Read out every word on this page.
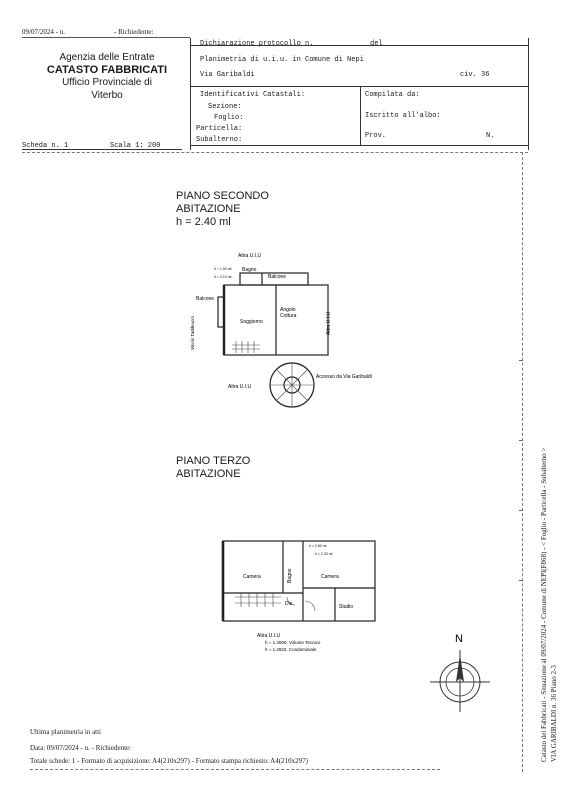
09/07/2024 - n.	- Richiedente:
Agenzia delle Entrate
CATASTO FABBRICATI
Ufficio Provinciale di
Viterbo
Dichiarazione protocollo n.	del
Planimetria di u.i.u. in Comune di Nepi
Via Garibaldi	civ. 36
Identificativi Catastali:
Sezione:
Foglio:
Particella:
Subalterno:
Compilata da:
Iscritto all'albo:
Prov.	N.
Scheda n. 1	Scala 1: 200
PIANO SECONDO
ABITAZIONE
h = 2.40 ml
Altra U.I.U
h = 1.90 ml
h = 2.10 ml
Bagno
Balcone
Balcone
Soggiorno
Angolo
Cottura
Vicolo Taddeucci	Altra U.I.U
Altra U.I.U
Accesso da Via Garibaldi
PIANO TERZO
ABITAZIONE
Camera	Bagno	Camera
Dis	Studio
h = 2.60 ml
h = 2.20 ml
Altra U.I.U
h = 1.4000, Volume Tecnico
h = 1.2822, Condominiale
N	Catasto dei Fabbricati - Situazione al 09/07/2024 - Comune di NEPI(F868) - < Foglio - Particella - Subalterno > VIA GARIBALDI n. 36 Piano 2-3
Ultima planimetria in atti
Data: 09/07/2024 - n. - Richiedente:
Totale schede: 1 - Formato di acquisizione: A4(210x297) - Formato stampa richiesto: A4(210x297)
